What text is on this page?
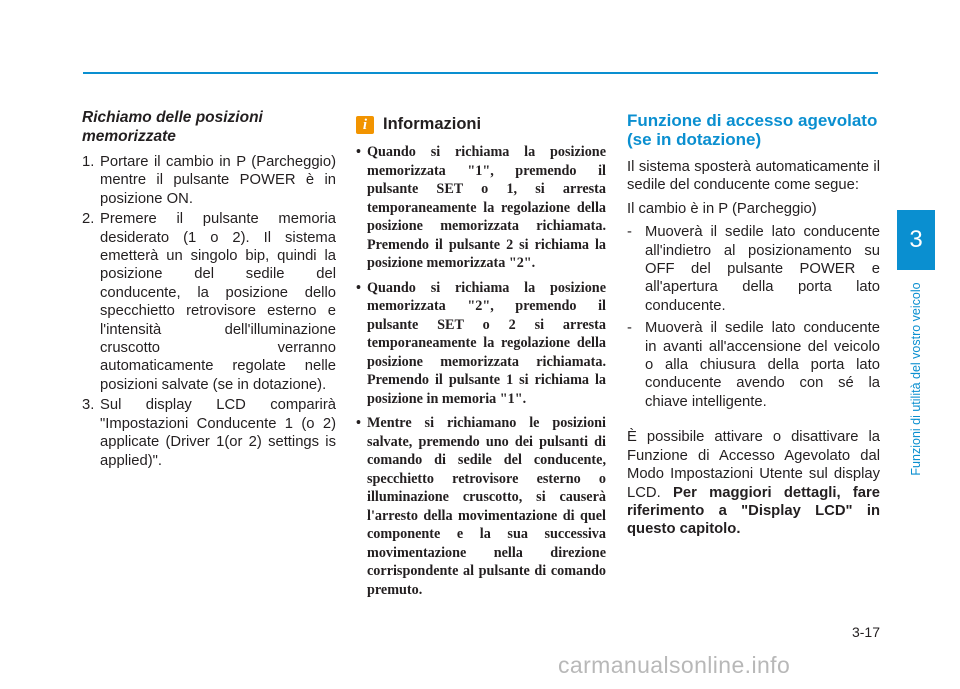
Richiamo delle posizioni memorizzate
1. Portare il cambio in P (Parcheggio) mentre il pulsante POWER è in posizione ON.
2. Premere il pulsante memoria desiderato (1 o 2). Il sistema emetterà un singolo bip, quindi la posizione del sedile del conducente, la posizione dello specchietto retrovisore esterno e l'intensità dell'illuminazione cruscotto verranno automaticamente regolate nelle posizioni salvate (se in dotazione).
3. Sul display LCD comparirà "Impostazioni Conducente 1 (o 2) applicate (Driver 1(or 2) settings is applied)".
i Informazioni
• Quando si richiama la posizione memorizzata "1", premendo il pulsante SET o 1, si arresta temporaneamente la regolazione della posizione memorizzata richiamata. Premendo il pulsante 2 si richiama la posizione memorizzata "2".
• Quando si richiama la posizione memorizzata "2", premendo il pulsante SET o 2 si arresta temporaneamente la regolazione della posizione memorizzata richiamata. Premendo il pulsante 1 si richiama la posizione in memoria "1".
• Mentre si richiamano le posizioni salvate, premendo uno dei pulsanti di comando di sedile del conducente, specchietto retrovisore esterno o illuminazione cruscotto, si causerà l'arresto della movimentazione di quel componente e la sua successiva movimentazione nella direzione corrispondente al pulsante di comando premuto.
Funzione di accesso agevolato (se in dotazione)

Il sistema sposterà automaticamente il sedile del conducente come segue:

Il cambio è in P (Parcheggio)

- Muoverà il sedile lato conducente all'indietro al posizionamento su OFF del pulsante POWER e all'apertura della porta lato conducente.
- Muoverà il sedile lato conducente in avanti all'accensione del veicolo o alla chiusura della porta lato conducente avendo con sé la chiave intelligente.

È possibile attivare o disattivare la Funzione di Accesso Agevolato dal Modo Impostazioni Utente sul display LCD. Per maggiori dettagli, fare riferimento a "Display LCD" in questo capitolo.

3
Funzioni di utilità del vostro veicolo
3-17
carmanualsonline.info
